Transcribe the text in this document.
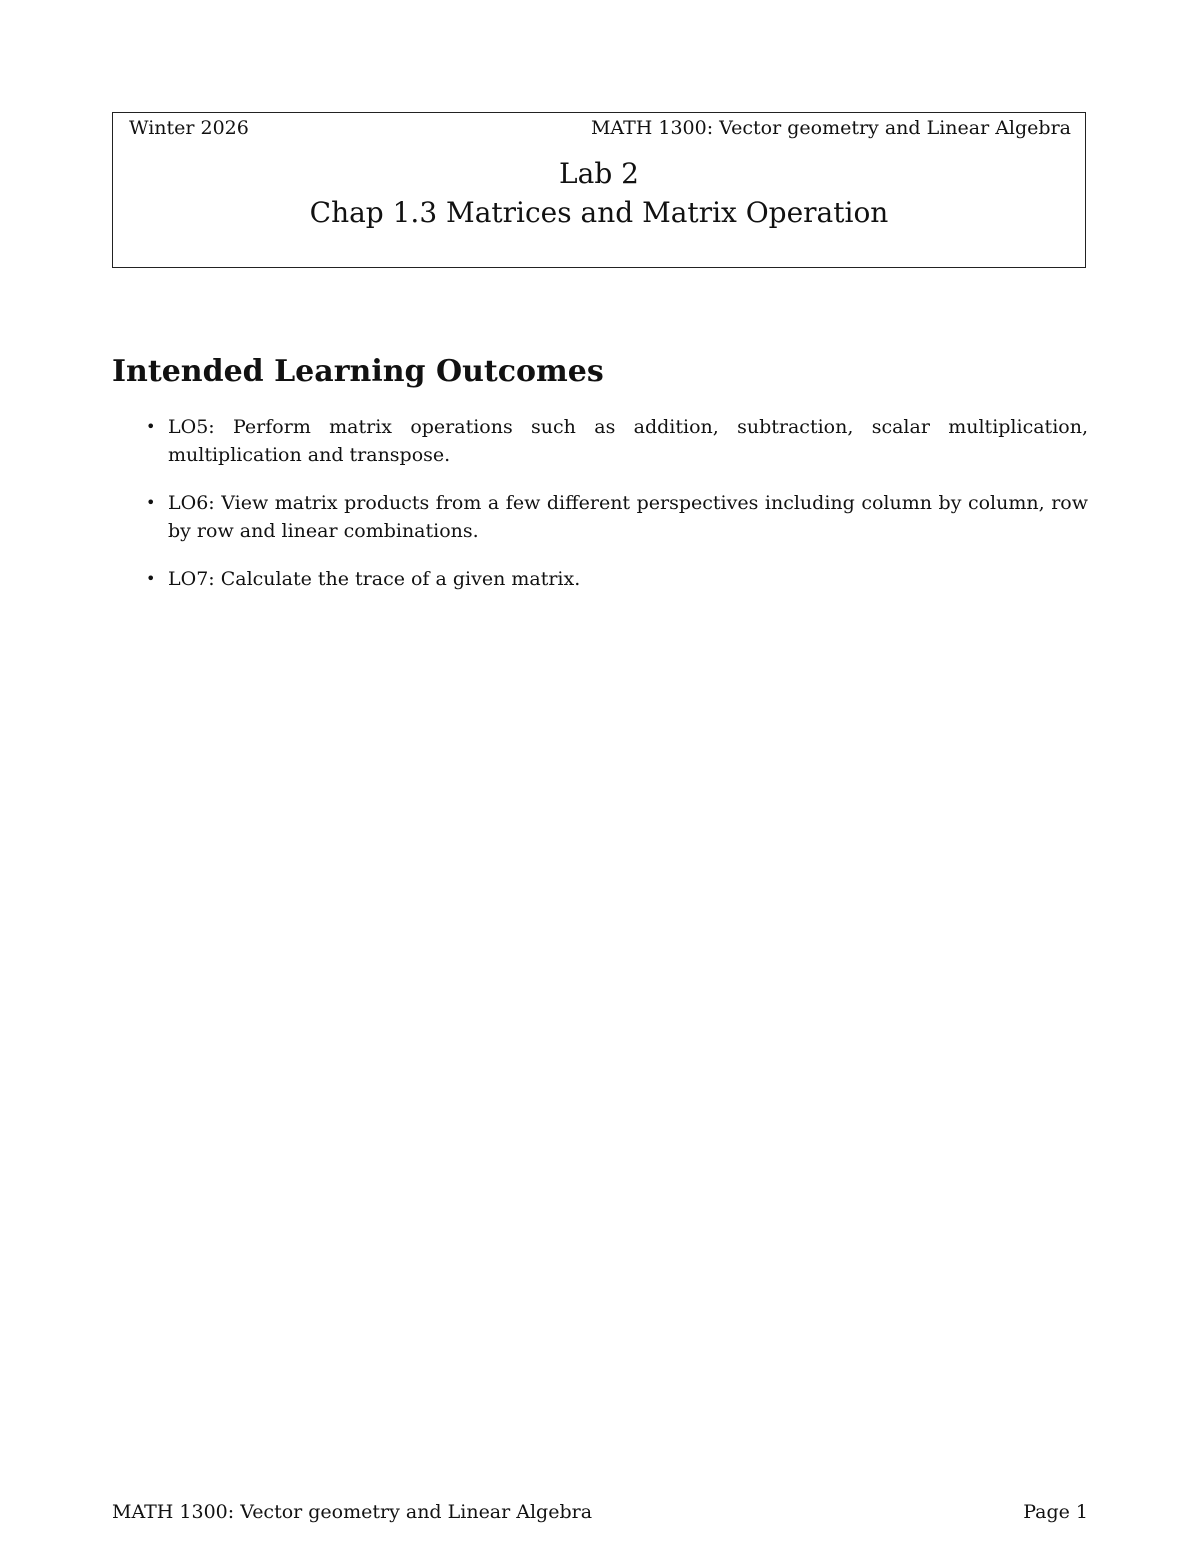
Winter 2026	MATH 1300: Vector geometry and Linear Algebra
Lab 2
Chap 1.3 Matrices and Matrix Operation
Intended Learning Outcomes
• LO5: Perform matrix operations such as addition, subtraction, scalar multiplication, multiplication and transpose.
• LO6: View matrix products from a few different perspectives including column by column, row by row and linear combinations.
• LO7: Calculate the trace of a given matrix.
MATH 1300: Vector geometry and Linear Algebra	Page 1
